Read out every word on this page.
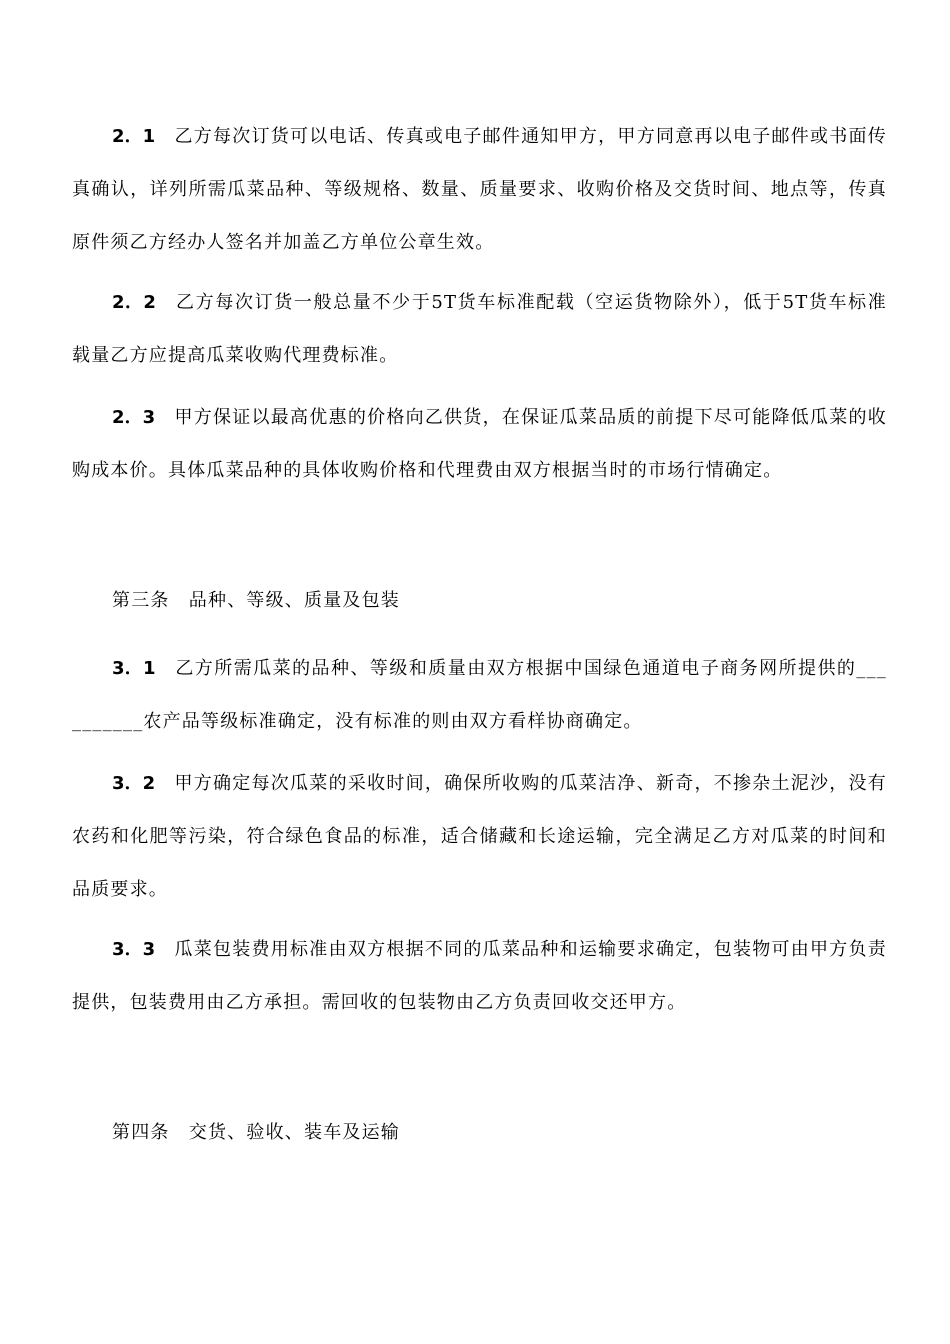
2．1　 乙方每次订货可以电话、传真或电子邮件通知甲方，甲方同意再以电子邮件或书面传真确认，详列所需瓜菜品种、等级规格、数量、质量要求、收购价格及交货时间、地点等，传真原件须乙方经办人签名并加盖乙方单位公章生效。

2．2　 乙方每次订货一般总量不少于5T货车标准配载（空运货物除外），低于5T货车标准载量乙方应提高瓜菜收购代理费标准。

2．3　 甲方保证以最高优惠的价格向乙供货，在保证瓜菜品质的前提下尽可能降低瓜菜的收购成本价。具体瓜菜品种的具体收购价格和代理费由双方根据当时的市场行情确定。

第三条　品种、等级、质量及包装

3．1　 乙方所需瓜菜的品种、等级和质量由双方根据中国绿色通道电子商务网所提供的__________农产品等级标准确定，没有标准的则由双方看样协商确定。

3．2　 甲方确定每次瓜菜的采收时间，确保所收购的瓜菜洁净、新奇，不掺杂土泥沙，没有农药和化肥等污染，符合绿色食品的标准，适合储藏和长途运输，完全满足乙方对瓜菜的时间和品质要求。

3．3　 瓜菜包装费用标准由双方根据不同的瓜菜品种和运输要求确定，包装物可由甲方负责提供，包装费用由乙方承担。需回收的包装物由乙方负责回收交还甲方。

第四条　交货、验收、装车及运输
